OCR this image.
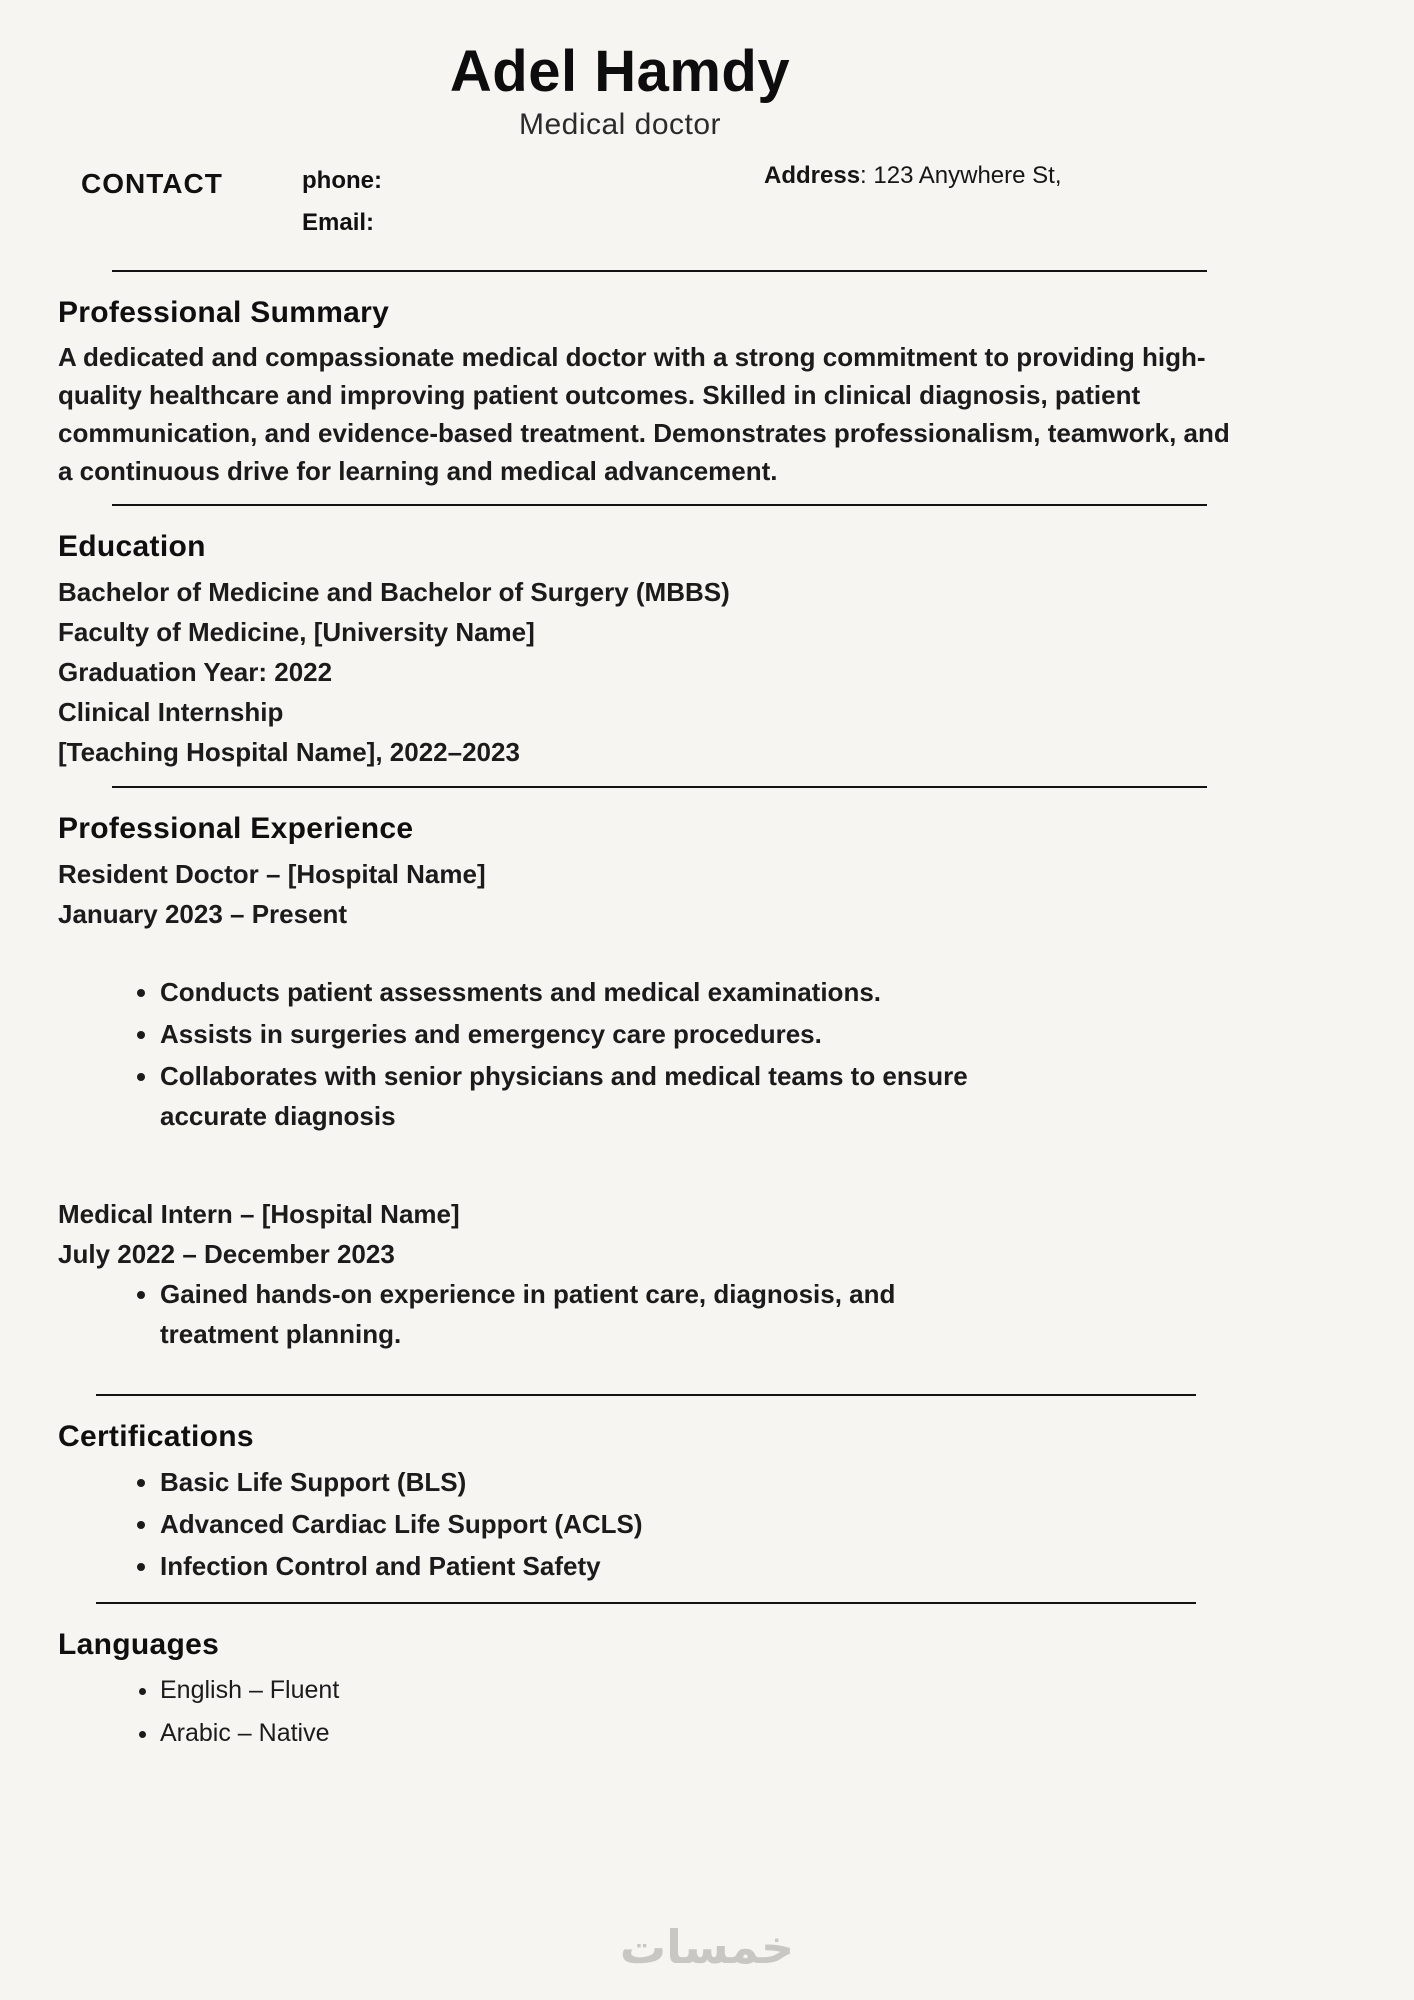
Adel Hamdy
Medical doctor
CONTACT	phone:
Email:
Address: 123 Anywhere St,
Professional Summary
A dedicated and compassionate medical doctor with a strong commitment to providing high-quality healthcare and improving patient outcomes. Skilled in clinical diagnosis, patient communication, and evidence-based treatment. Demonstrates professionalism, teamwork, and a continuous drive for learning and medical advancement.
Education
Bachelor of Medicine and Bachelor of Surgery (MBBS)
Faculty of Medicine, [University Name]
Graduation Year: 2022
Clinical Internship
[Teaching Hospital Name], 2022–2023
Professional Experience
Resident Doctor – [Hospital Name]
January 2023 – Present
• Conducts patient assessments and medical examinations.
• Assists in surgeries and emergency care procedures.
• Collaborates with senior physicians and medical teams to ensure accurate diagnosis
Medical Intern – [Hospital Name]
July 2022 – December 2023
• Gained hands-on experience in patient care, diagnosis, and treatment planning.
Certifications
• Basic Life Support (BLS)
• Advanced Cardiac Life Support (ACLS)
• Infection Control and Patient Safety
Languages
• English – Fluent
• Arabic – Native
خمسات
